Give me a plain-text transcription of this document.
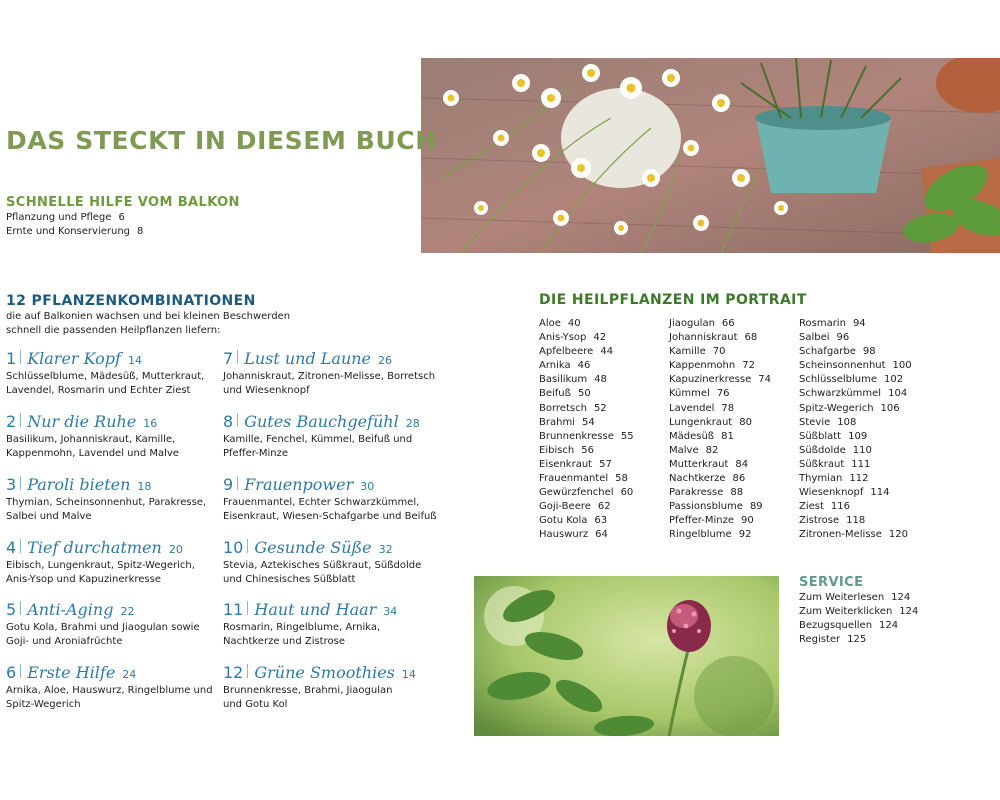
DAS STECKT IN DIESEM BUCH
SCHNELLE HILFE VOM BALKON
Pflanzung und Pflege 6
Ernte und Konservierung 8
12 PFLANZENKOMBINATIONEN
die auf Balkonien wachsen und bei kleinen Beschwerden
schnell die passenden Heilpflanzen liefern:
1 Klarer Kopf 14
Schlüsselblume, Mädesüß, Mutterkraut,
Lavendel, Rosmarin und Echter Ziest
2 Nur die Ruhe 16
Basilikum, Johanniskraut, Kamille,
Kappenmohn, Lavendel und Malve
3 Paroli bieten 18
Thymian, Scheinsonnenhut, Parakresse,
Salbei und Malve
4 Tief durchatmen 20
Eibisch, Lungenkraut, Spitz-Wegerich,
Anis-Ysop und Kapuzinerkresse
5 Anti-Aging 22
Gotu Kola, Brahmi und Jiaogulan sowie
Goji- und Aroniafrüchte
6 Erste Hilfe 24
Arnika, Aloe, Hauswurz, Ringelblume und
Spitz-Wegerich
7 Lust und Laune 26
Johanniskraut, Zitronen-Melisse, Borretsch
und Wiesenknopf
8 Gutes Bauchgefühl 28
Kamille, Fenchel, Kümmel, Beifuß und
Pfeffer-Minze
9 Frauenpower 30
Frauenmantel, Echter Schwarzkümmel,
Eisenkraut, Wiesen-Schafgarbe und Beifuß
10 Gesunde Süße 32
Stevia, Aztekisches Süßkraut, Süßdolde
und Chinesisches Süßblatt
11 Haut und Haar 34
Rosmarin, Ringelblume, Arnika,
Nachtkerze und Zistrose
12 Grüne Smoothies 14
Brunnenkresse, Brahmi, Jiaogulan
und Gotu Kol
DIE HEILPFLANZEN IM PORTRAIT
Aloe 40
Anis-Ysop 42
Apfelbeere 44
Arnika 46
Basilikum 48
Beifuß 50
Borretsch 52
Brahmi 54
Brunnenkresse 55
Eibisch 56
Eisenkraut 57
Frauenmantel 58
Gewürzfenchel 60
Goji-Beere 62
Gotu Kola 63
Hauswurz 64
Jiaogulan 66
Johanniskraut 68
Kamille 70
Kappenmohn 72
Kapuzinerkresse 74
Kümmel 76
Lavendel 78
Lungenkraut 80
Mädesüß 81
Malve 82
Mutterkraut 84
Nachtkerze 86
Parakresse 88
Passionsblume 89
Pfeffer-Minze 90
Ringelblume 92
Rosmarin 94
Salbei 96
Schafgarbe 98
Scheinsonnenhut 100
Schlüsselblume 102
Schwarzkümmel 104
Spitz-Wegerich 106
Stevie 108
Süßblatt 109
Süßdolde 110
Süßkraut 111
Thymian 112
Wiesenknopf 114
Ziest 116
Zistrose 118
Zitronen-Melisse 120
SERVICE
Zum Weiterlesen 124
Zum Weiterklicken 124
Bezugsquellen 124
Register 125
